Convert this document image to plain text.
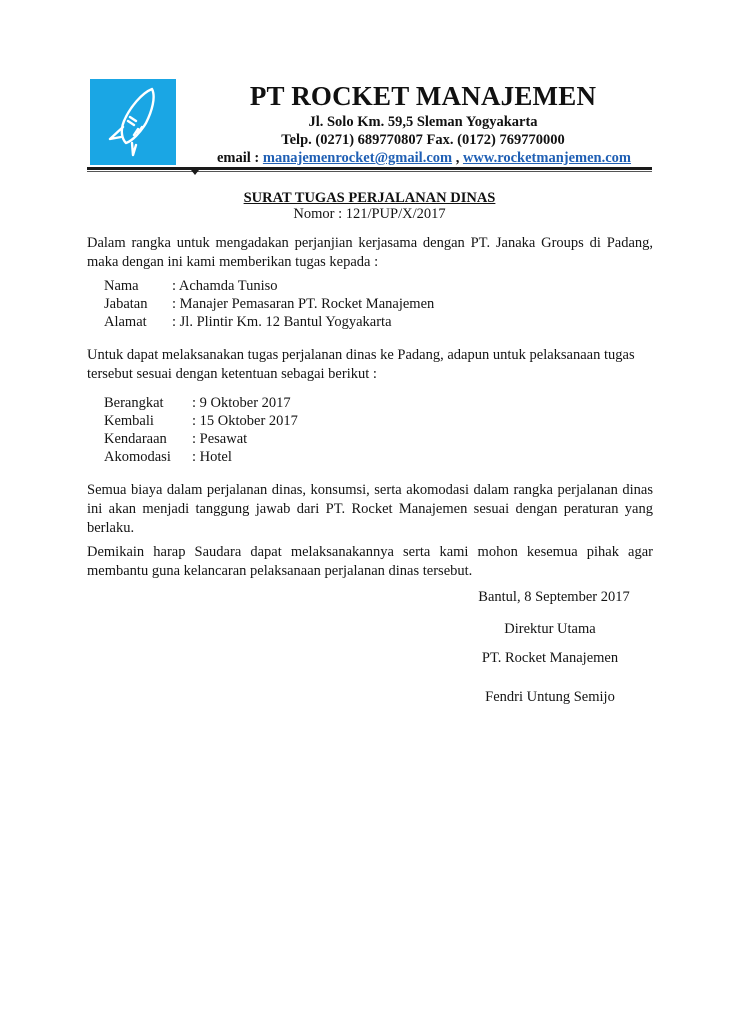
PT ROCKET MANAJEMEN
Jl. Solo Km. 59,5 Sleman Yogyakarta
Telp. (0271) 689770807 Fax. (0172) 769770000
email : manajemenrocket@gmail.com , www.rocketmanjemen.com
SURAT TUGAS PERJALANAN DINAS
Nomor : 121/PUP/X/2017
Dalam rangka untuk mengadakan perjanjian kerjasama dengan PT. Janaka Groups di Padang, maka dengan ini kami memberikan tugas kepada :
Nama	: Achamda Tuniso
Jabatan	: Manajer Pemasaran PT. Rocket Manajemen
Alamat	: Jl. Plintir Km. 12 Bantul Yogyakarta
Untuk dapat melaksanakan tugas perjalanan dinas ke Padang, adapun untuk pelaksanaan tugas tersebut sesuai dengan ketentuan sebagai berikut :
Berangkat	: 9 Oktober 2017
Kembali	: 15 Oktober 2017
Kendaraan	: Pesawat
Akomodasi	: Hotel
Semua biaya dalam perjalanan dinas, konsumsi, serta akomodasi dalam rangka perjalanan dinas ini akan menjadi tanggung jawab dari PT. Rocket Manajemen sesuai dengan peraturan yang berlaku.
Demikain harap Saudara dapat melaksanakannya serta kami mohon kesemua pihak agar membantu guna kelancaran pelaksanaan perjalanan dinas tersebut.
Bantul, 8 September 2017
Direktur Utama
PT. Rocket Manajemen
Fendri Untung Semijo
